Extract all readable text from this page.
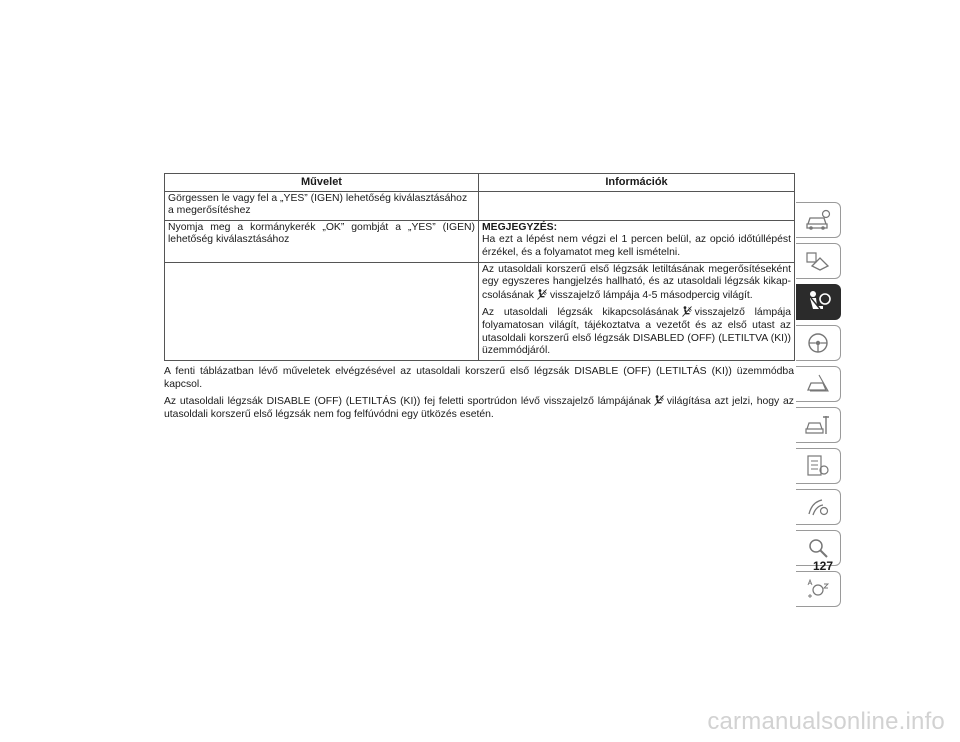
Művelet	Információk
Görgessen le vagy fel a „YES” (IGEN) lehetőség kiválasztásához a megerősítéshez	
Nyomja meg a kormánykerék „OK” gombját a „YES” (IGEN) lehetőség kiválasztásához	MEGJEGYZÉS:
Ha ezt a lépést nem végzi el 1 percen belül, az opció időtúllépést érzékel, és a folyamatot meg kell ismételni.

	Az utasoldali korszerű első légzsák letiltásának megerősítéseként egy egyszeres hangjelzés hallható, és az utasoldali légzsák kikapcsolásának visszajelző lámpája 4-5 másodpercig világít.
Az utasoldali légzsák kikapcsolásának visszajelző lámpája folyamatosan világít, tájékoztatva a vezetőt és az első utast az utasoldali korszerű első légzsák DISABLED (OFF) (LETILTVA (KI)) üzemmódjáról.

A fenti táblázatban lévő műveletek elvégzésével az utasoldali korszerű első légzsák DISABLE (OFF) (LETILTÁS (KI)) üzemmódba kapcsol.

Az utasoldali légzsák DISABLE (OFF) (LETILTÁS (KI)) fej feletti sportrúdon lévő visszajelző lámpájának világítása azt jelzi, hogy az utasoldali korszerű első légzsák nem fog felfúvódni egy ütközés esetén.

127
carmanualsonline.info
